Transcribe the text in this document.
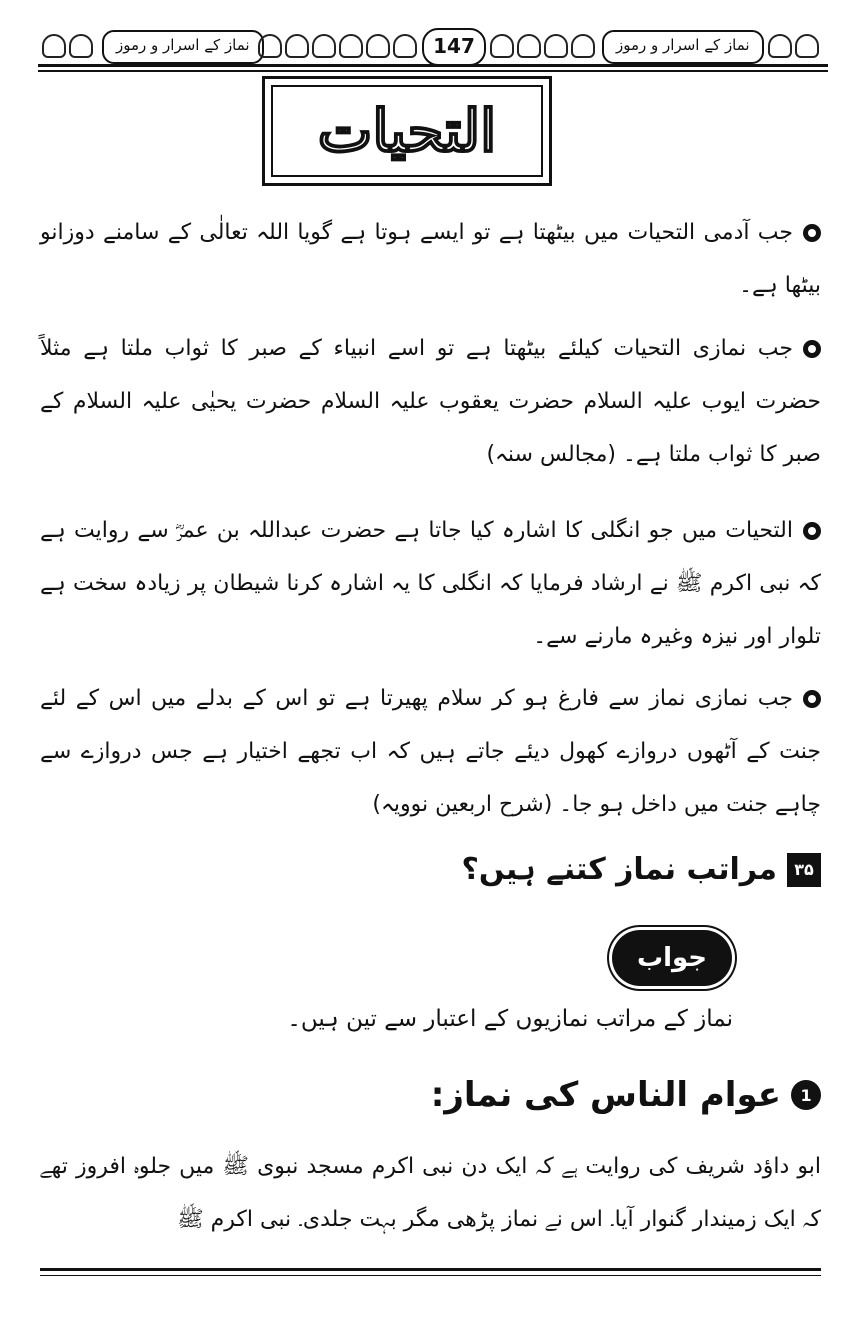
نماز کے اسرار و رموز	147	نماز کے اسرار و رموز
التحیات

جب آدمی التحیات میں بیٹھتا ہے تو ایسے ہوتا ہے گویا اللہ تعالٰی کے سامنے دوزانو بیٹھا ہے۔

جب نمازی التحیات کیلئے بیٹھتا ہے تو اسے انبیاء کے صبر کا ثواب ملتا ہے مثلاً حضرت ایوب علیہ السلام حضرت یعقوب علیہ السلام حضرت یحیٰی علیہ السلام کے صبر کا ثواب ملتا ہے۔ (مجالس سنہ)

التحیات میں جو انگلی کا اشارہ کیا جاتا ہے حضرت عبداللہ بن عمرؓ سے روایت ہے کہ نبی اکرم ﷺ نے ارشاد فرمایا کہ انگلی کا یہ اشارہ کرنا شیطان پر زیادہ سخت ہے تلوار اور نیزہ وغیرہ مارنے سے۔

جب نمازی نماز سے فارغ ہو کر سلام پھیرتا ہے تو اس کے بدلے میں اس کے لئے جنت کے آٹھوں دروازے کھول دیئے جاتے ہیں کہ اب تجھے اختیار ہے جس دروازے سے چاہے جنت میں داخل ہو جا۔ (شرح اربعین نوویہ)

۳۵
مراتب نماز کتنے ہیں؟
جواب
نماز کے مراتب نمازیوں کے اعتبار سے تین ہیں۔
1
عوام الناس کی نماز:

ابو داؤد شریف کی روایت ہے کہ ایک دن نبی اکرم مسجد نبوی ﷺ میں جلوہ افروز تھے کہ ایک زمیندار گنوار آیا۔ اس نے نماز پڑھی مگر بہت جلدی۔ نبی اکرم ﷺ
